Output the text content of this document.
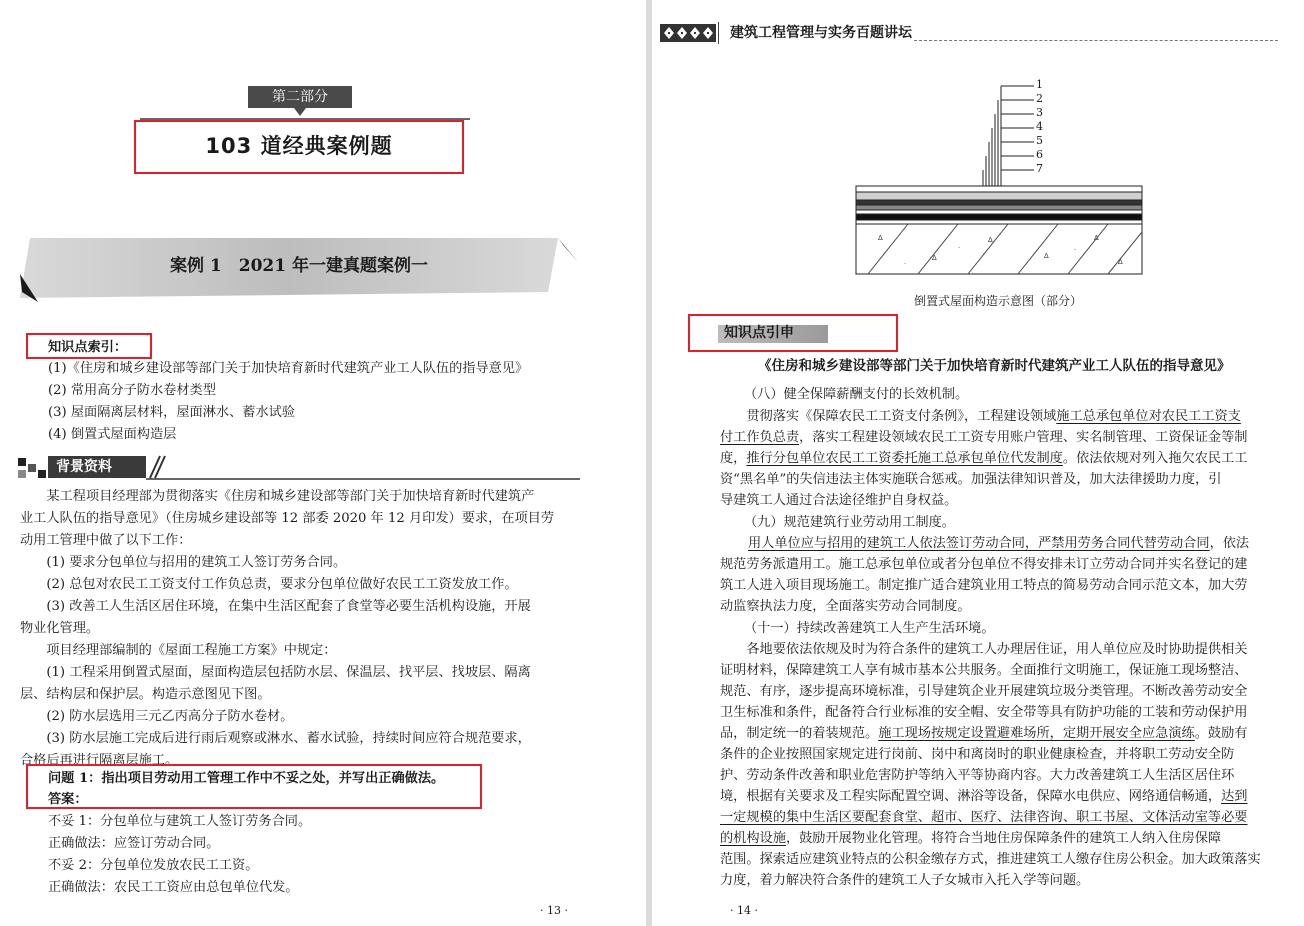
第二部分
103 道经典案例题
案例 1　2021 年一建真题案例一
知识点索引：
(1)《住房和城乡建设部等部门关于加快培育新时代建筑产业工人队伍的指导意见》
(2) 常用高分子防水卷材类型
(3) 屋面隔离层材料，屋面淋水、蓄水试验
(4) 倒置式屋面构造层
背景资料
　　某工程项目经理部为贯彻落实《住房和城乡建设部等部门关于加快培育新时代建筑产
业工人队伍的指导意见》（住房城乡建设部等 12 部委 2020 年 12 月印发）要求，在项目劳
动用工管理中做了以下工作：
　　(1) 要求分包单位与招用的建筑工人签订劳务合同。
　　(2) 总包对农民工工资支付工作负总责，要求分包单位做好农民工工资发放工作。
　　(3) 改善工人生活区居住环境，在集中生活区配套了食堂等必要生活机构设施，开展
物业化管理。
　　项目经理部编制的《屋面工程施工方案》中规定：
　　(1) 工程采用倒置式屋面，屋面构造层包括防水层、保温层、找平层、找坡层、隔离
层、结构层和保护层。构造示意图见下图。
　　(2) 防水层选用三元乙丙高分子防水卷材。
　　(3) 防水层施工完成后进行雨后观察或淋水、蓄水试验，持续时间应符合规范要求，
合格后再进行隔离层施工。
问题 1：指出项目劳动用工管理工作中不妥之处，并写出正确做法。
答案：
不妥 1：分包单位与建筑工人签订劳务合同。
正确做法：应签订劳动合同。
不妥 2：分包单位发放农民工工资。
正确做法：农民工工资应由总包单位代发。
· 13 ·
建筑工程管理与实务百题讲坛
∆
∆
∆
∆
∆
∆
·
·	·
1
2
3
4
5
6
7
倒置式屋面构造示意图（部分）
知识点引申
《住房和城乡建设部等部门关于加快培育新时代建筑产业工人队伍的指导意见》
（八）健全保障薪酬支付的长效机制。
　　贯彻落实《保障农民工工资支付条例》，工程建设领域施工总承包单位对农民工工资支
付工作负总责，落实工程建设领域农民工工资专用账户管理、实名制管理、工资保证金等制
度，推行分包单位农民工工资委托施工总承包单位代发制度。依法依规对列入拖欠农民工工
资“黑名单”的失信违法主体实施联合惩戒。加强法律知识普及，加大法律援助力度，引
导建筑工人通过合法途径维护自身权益。
（九）规范建筑行业劳动用工制度。
用人单位应与招用的建筑工人依法签订劳动合同，严禁用劳务合同代替劳动合同，依法
规范劳务派遣用工。施工总承包单位或者分包单位不得安排未订立劳动合同并实名登记的建
筑工人进入项目现场施工。制定推广适合建筑业用工特点的简易劳动合同示范文本，加大劳
动监察执法力度，全面落实劳动合同制度。
（十一）持续改善建筑工人生产生活环境。
　　各地要依法依规及时为符合条件的建筑工人办理居住证，用人单位应及时协助提供相关
证明材料，保障建筑工人享有城市基本公共服务。全面推行文明施工，保证施工现场整洁、
规范、有序，逐步提高环境标准，引导建筑企业开展建筑垃圾分类管理。不断改善劳动安全
卫生标准和条件，配备符合行业标准的安全帽、安全带等具有防护功能的工装和劳动保护用
品，制定统一的着装规范。施工现场按规定设置避难场所，定期开展安全应急演练。鼓励有
条件的企业按照国家规定进行岗前、岗中和离岗时的职业健康检查，并将职工劳动安全防
护、劳动条件改善和职业危害防护等纳入平等协商内容。大力改善建筑工人生活区居住环
境，根据有关要求及工程实际配置空调、淋浴等设备，保障水电供应、网络通信畅通，达到
一定规模的集中生活区要配套食堂、超市、医疗、法律咨询、职工书屋、文体活动室等必要
的机构设施，鼓励开展物业化管理。将符合当地住房保障条件的建筑工人纳入住房保障
范围。探索适应建筑业特点的公积金缴存方式，推进建筑工人缴存住房公积金。加大政策落实
力度，着力解决符合条件的建筑工人子女城市入托入学等问题。
· 14 ·
